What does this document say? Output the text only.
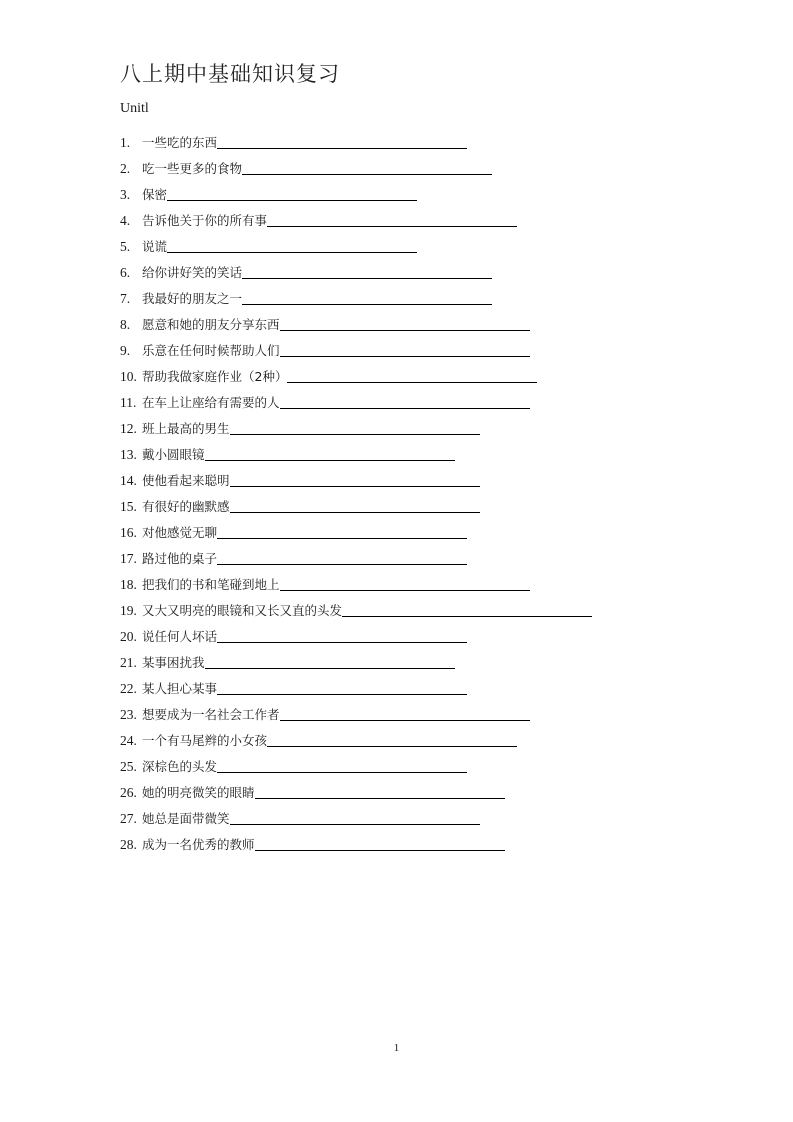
八上期中基础知识复习
Unitl
1. 一些吃的东西
2. 吃一些更多的食物
3. 保密
4. 告诉他关于你的所有事
5. 说谎
6. 给你讲好笑的笑话
7. 我最好的朋友之一
8. 愿意和她的朋友分享东西
9. 乐意在任何时候帮助人们
10. 帮助我做家庭作业（2种）
11. 在车上让座给有需要的人
12. 班上最高的男生
13. 戴小圆眼镜
14. 使他看起来聪明
15. 有很好的幽默感
16. 对他感觉无聊
17. 路过他的桌子
18. 把我们的书和笔碰到地上
19. 又大又明亮的眼镜和又长又直的头发
20. 说任何人坏话
21. 某事困扰我
22. 某人担心某事
23. 想要成为一名社会工作者
24. 一个有马尾辫的小女孩
25. 深棕色的头发
26. 她的明亮微笑的眼睛
27. 她总是面带微笑
28. 成为一名优秀的教师
1
